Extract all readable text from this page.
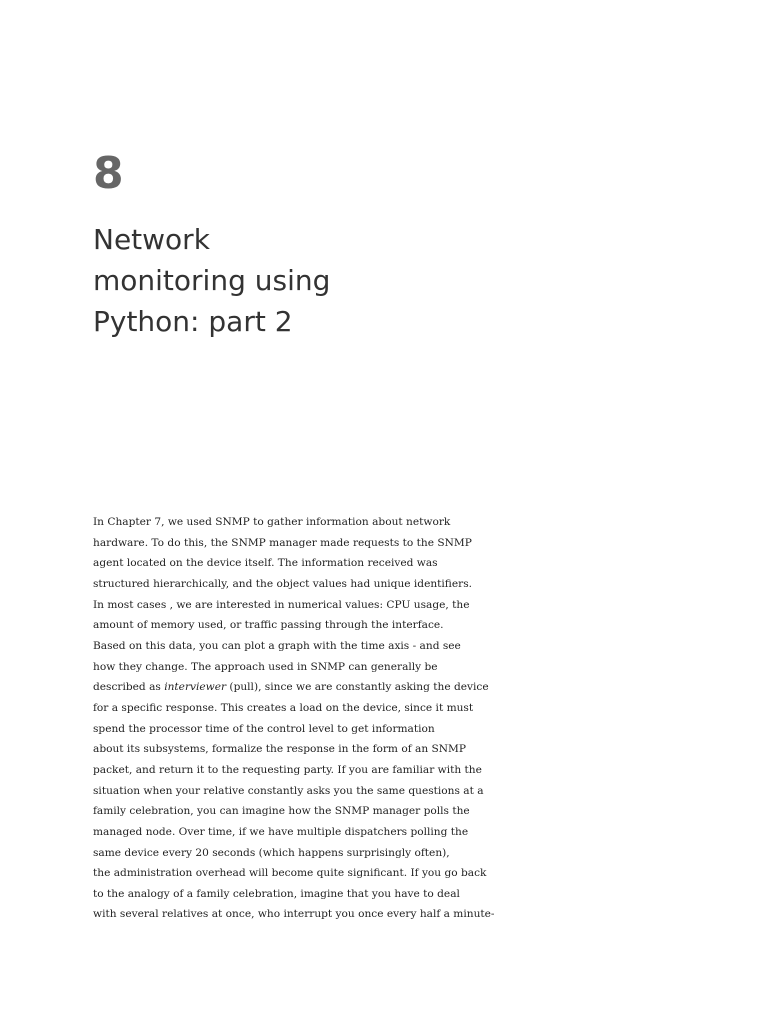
8
Network
monitoring using
Python: part 2
In Chapter 7, we used SNMP to gather information about network
hardware. To do this, the SNMP manager made requests to the SNMP
agent located on the device itself. The information received was
structured hierarchically, and the object values had unique identifiers.
In most cases , we are interested in numerical values: CPU usage, the
amount of memory used, or traffic passing through the interface.
Based on this data, you can plot a graph with the time axis - and see
how they change. The approach used in SNMP can generally be
described as interviewer (pull), since we are constantly asking the device
for a specific response. This creates a load on the device, since it must
spend the processor time of the control level to get information
about its subsystems, formalize the response in the form of an SNMP
packet, and return it to the requesting party. If you are familiar with the
situation when your relative constantly asks you the same questions at a
family celebration, you can imagine how the SNMP manager polls the
managed node. Over time, if we have multiple dispatchers polling the
same device every 20 seconds (which happens surprisingly often),
the administration overhead will become quite significant. If you go back
to the analogy of a family celebration, imagine that you have to deal
with several relatives at once, who interrupt you once every half a minute-
